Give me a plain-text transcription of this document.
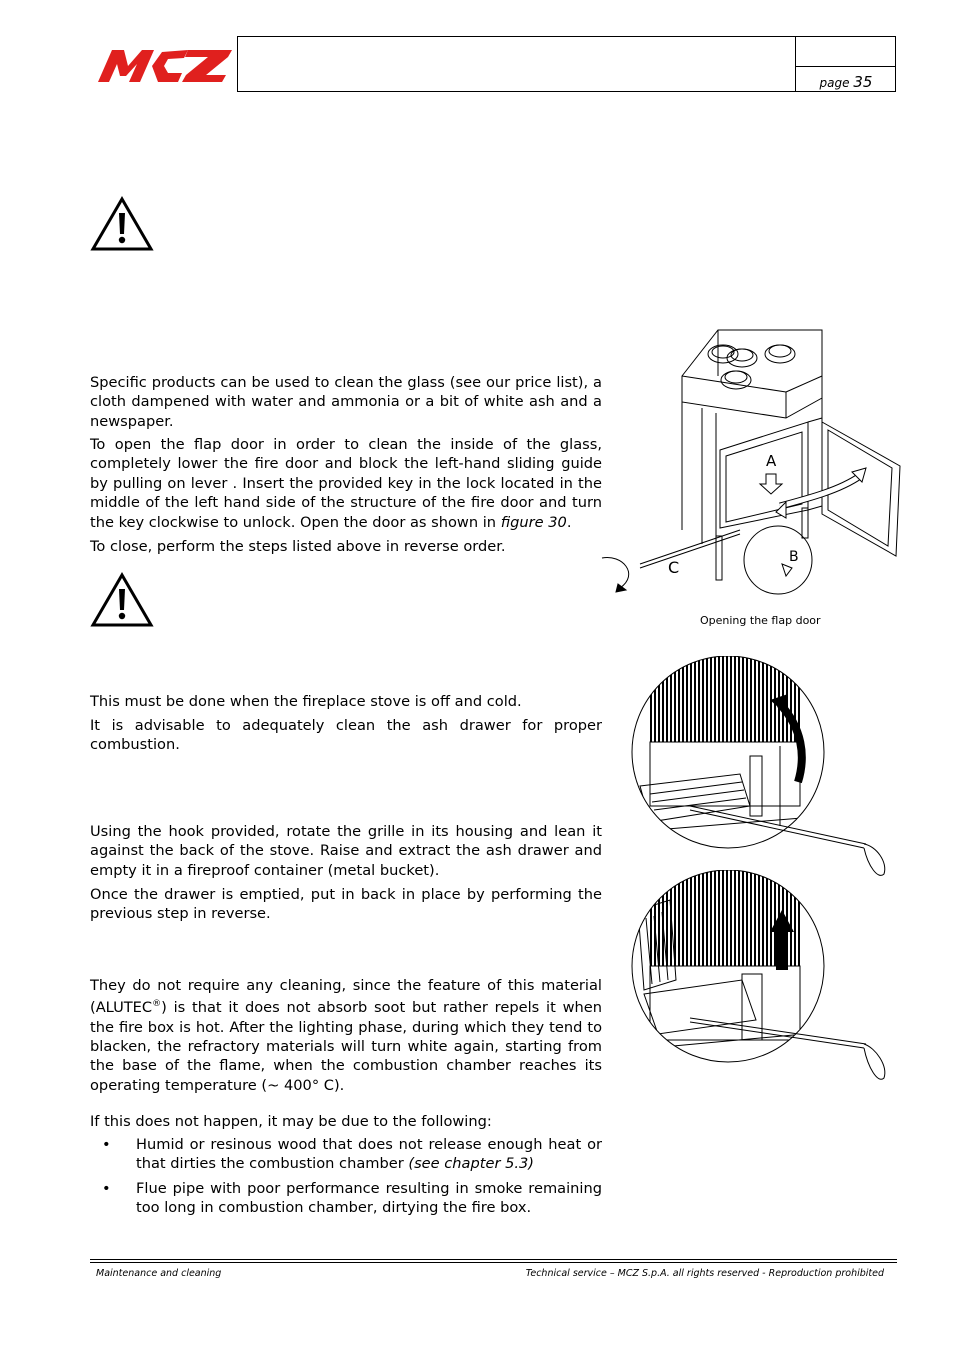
page 35
Specific products can be used to clean the glass (see our price list), a cloth dampened with water and ammonia or a bit of white ash and a newspaper.
To open the flap door in order to clean the inside of the glass, completely lower the fire door and block the left-hand sliding guide by pulling on lever . Insert the provided key in the lock located in the middle of the left hand side of the structure of the fire door and turn the key clockwise to unlock. Open the door as shown in figure 30.
To close, perform the steps listed above in reverse order.
A
B
C
Opening the flap door
This must be done when the fireplace stove is off and cold.
It is advisable to adequately clean the ash drawer for proper combustion.
Using the hook provided, rotate the grille in its housing and lean it against the back of the stove. Raise and extract the ash drawer and empty it in a fireproof container (metal bucket).
Once the drawer is emptied, put in back in place by performing the previous step in reverse.
They do not require any cleaning, since the feature of this material (ALUTEC®) is that it does not absorb soot but rather repels it when the fire box is hot. After the lighting phase, during which they tend to blacken, the refractory materials will turn white again, starting from the base of the flame, when the combustion chamber reaches its operating temperature (~ 400° C).
If this does not happen, it may be due to the following:
• Humid or resinous wood that does not release enough heat or that dirties the combustion chamber (see chapter 5.3)
• Flue pipe with poor performance resulting in smoke remaining too long in combustion chamber, dirtying the fire box.
Maintenance and cleaning	Technical service – MCZ S.p.A. all rights reserved - Reproduction prohibited
